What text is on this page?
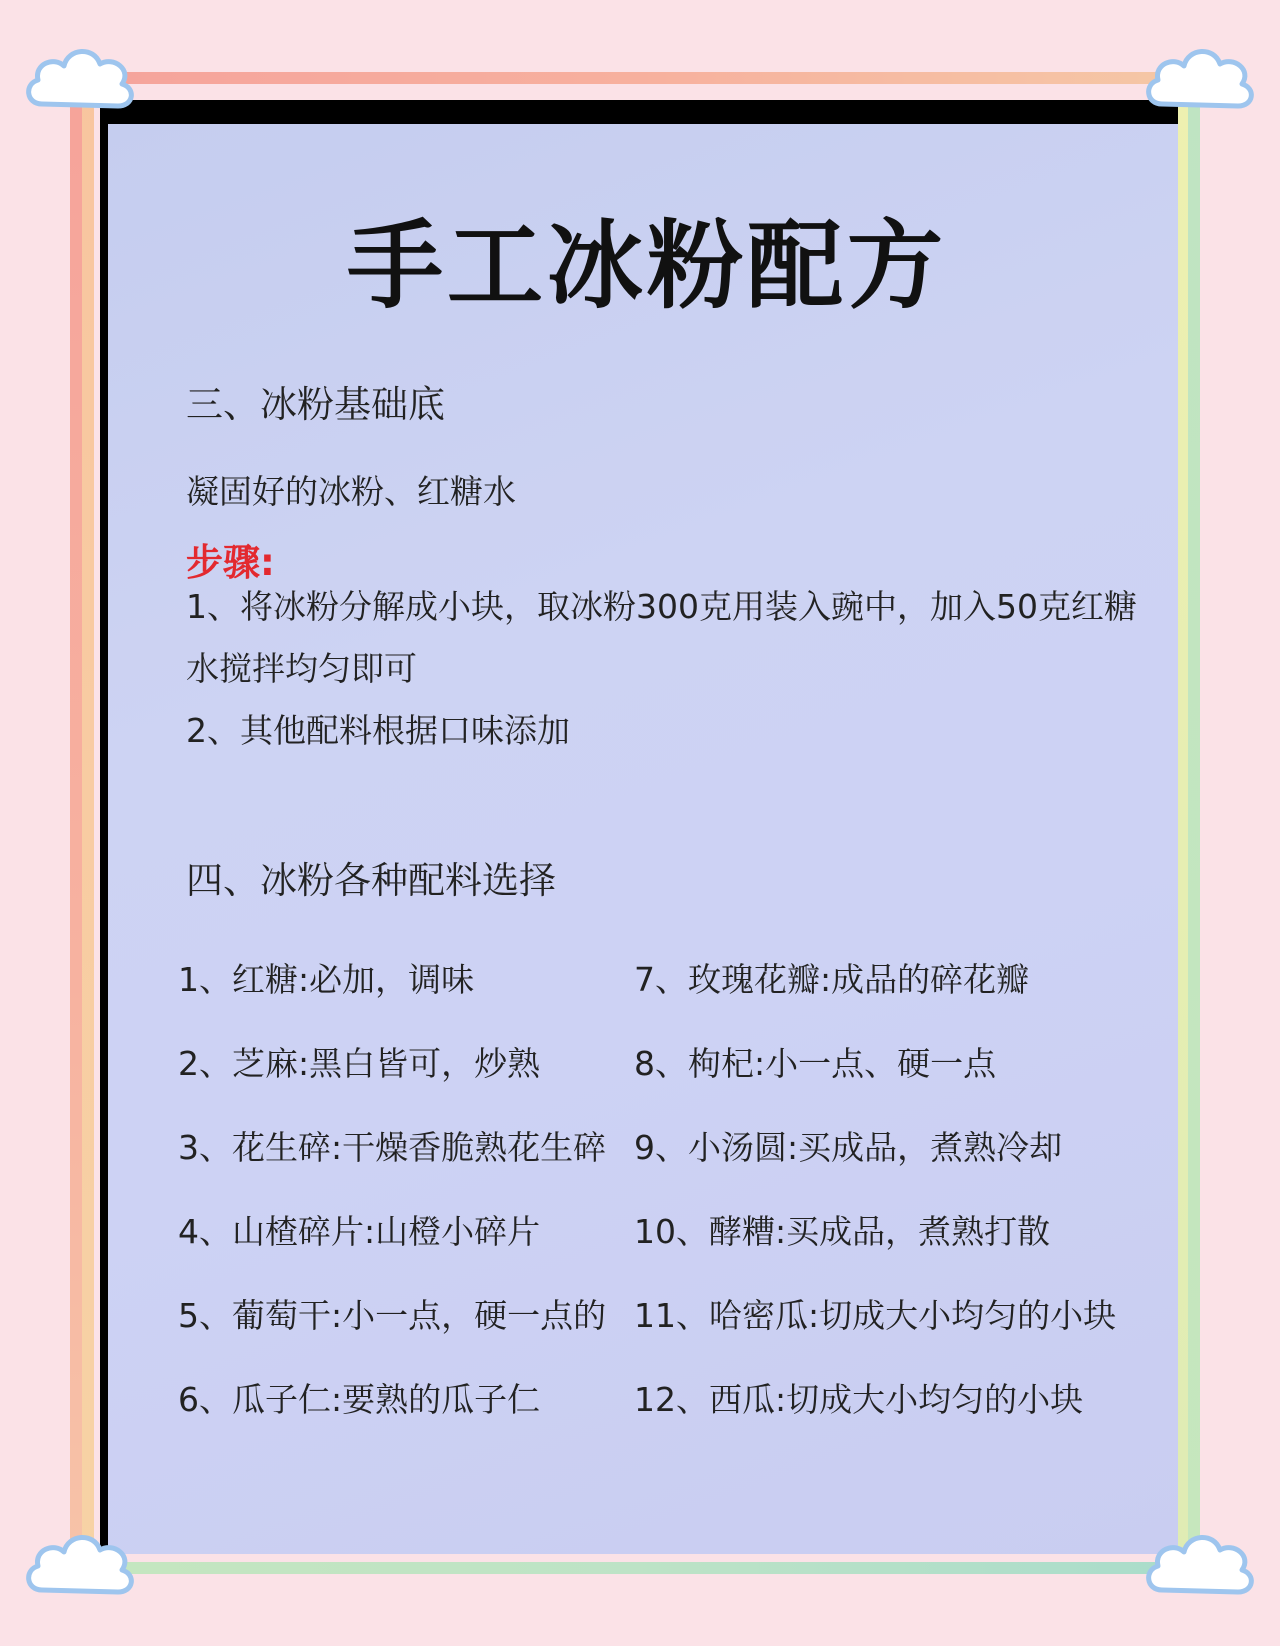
手工冰粉配方
三、冰粉基础底
凝固好的冰粉、红糖水
步骤:
1、将冰粉分解成小块，取冰粉300克用装入豌中，加入50克红糖水搅拌均匀即可
2、其他配料根据口味添加
四、冰粉各种配料选择
1、红糖:必加，调味
2、芝麻:黑白皆可，炒熟
3、花生碎:干燥香脆熟花生碎
4、山楂碎片:山橙小碎片
5、葡萄干:小一点，硬一点的
6、瓜子仁:要熟的瓜子仁
7、玫瑰花瓣:成品的碎花瓣
8、枸杞:小一点、硬一点
9、小汤圆:买成品，煮熟冷却
10、酵糟:买成品，煮熟打散
11、哈密瓜:切成大小均匀的小块
12、西瓜:切成大小均匀的小块
